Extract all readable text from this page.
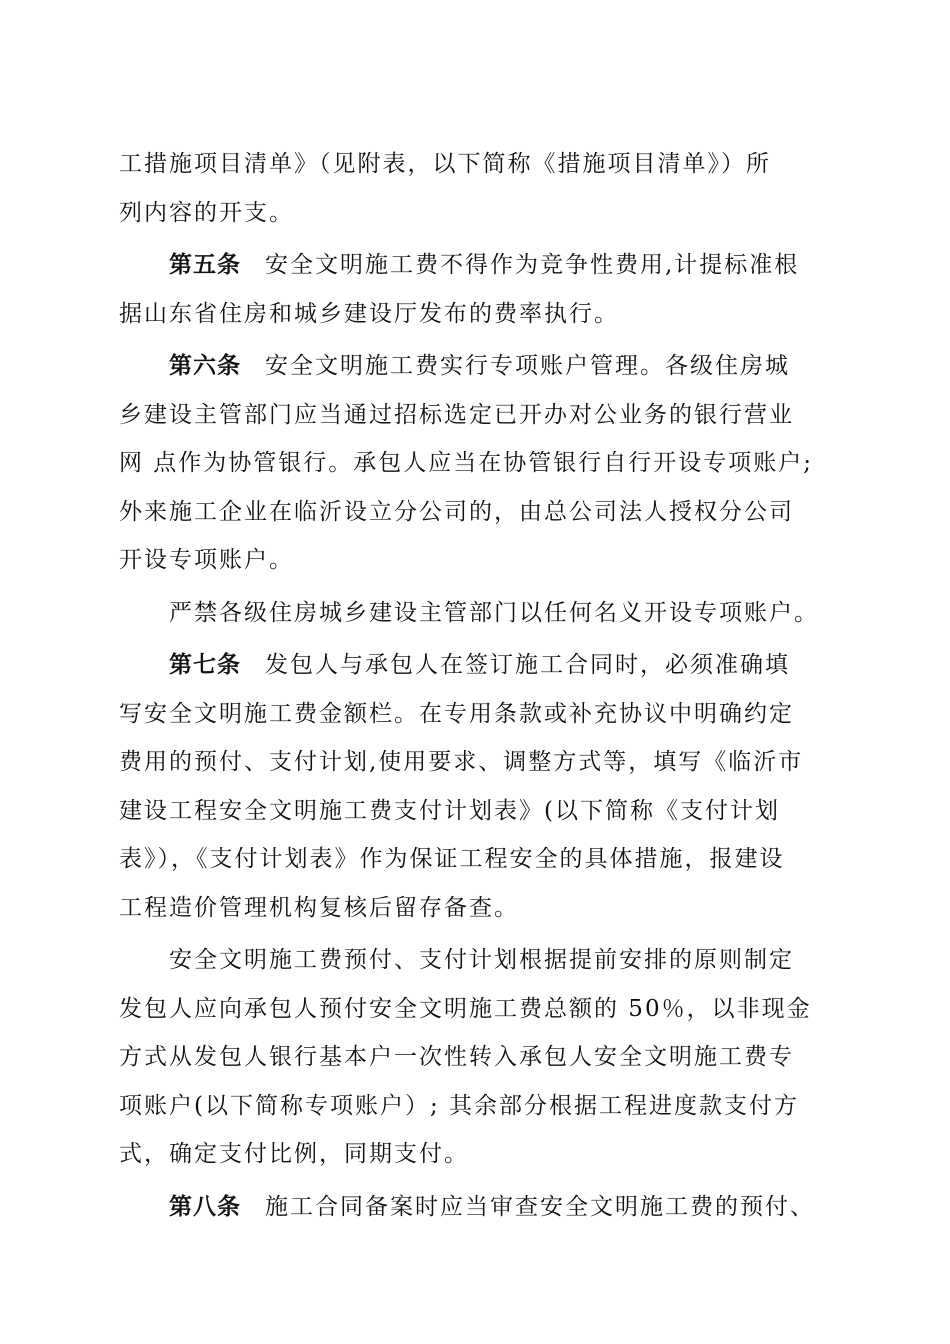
工措施项目清单》（见附表，以下简称《措施项目清单》）所
列内容的开支。
第五条 安全文明施工费不得作为竞争性费用,计提标准根
据山东省住房和城乡建设厅发布的费率执行。
第六条 安全文明施工费实行专项账户管理。各级住房城
乡建设主管部门应当通过招标选定已开办对公业务的银行营业
网 点作为协管银行。承包人应当在协管银行自行开设专项账户;
外来施工企业在临沂设立分公司的，由总公司法人授权分公司
开设专项账户。
严禁各级住房城乡建设主管部门以任何名义开设专项账户。
第七条 发包人与承包人在签订施工合同时，必须准确填
写安全文明施工费金额栏。在专用条款或补充协议中明确约定
费用的预付、支付计划,使用要求、调整方式等，填写《临沂市
建设工程安全文明施工费支付计划表》(以下简称《支付计划
表》），《支付计划表》作为保证工程安全的具体措施，报建设
工程造价管理机构复核后留存备查。
安全文明施工费预付、支付计划根据提前安排的原则制定
发包人应向承包人预付安全文明施工费总额的 50％，以非现金
方式从发包人银行基本户一次性转入承包人安全文明施工费专
项账户(以下简称专项账户）; 其余部分根据工程进度款支付方
式，确定支付比例，同期支付。
第八条 施工合同备案时应当审查安全文明施工费的预付、
